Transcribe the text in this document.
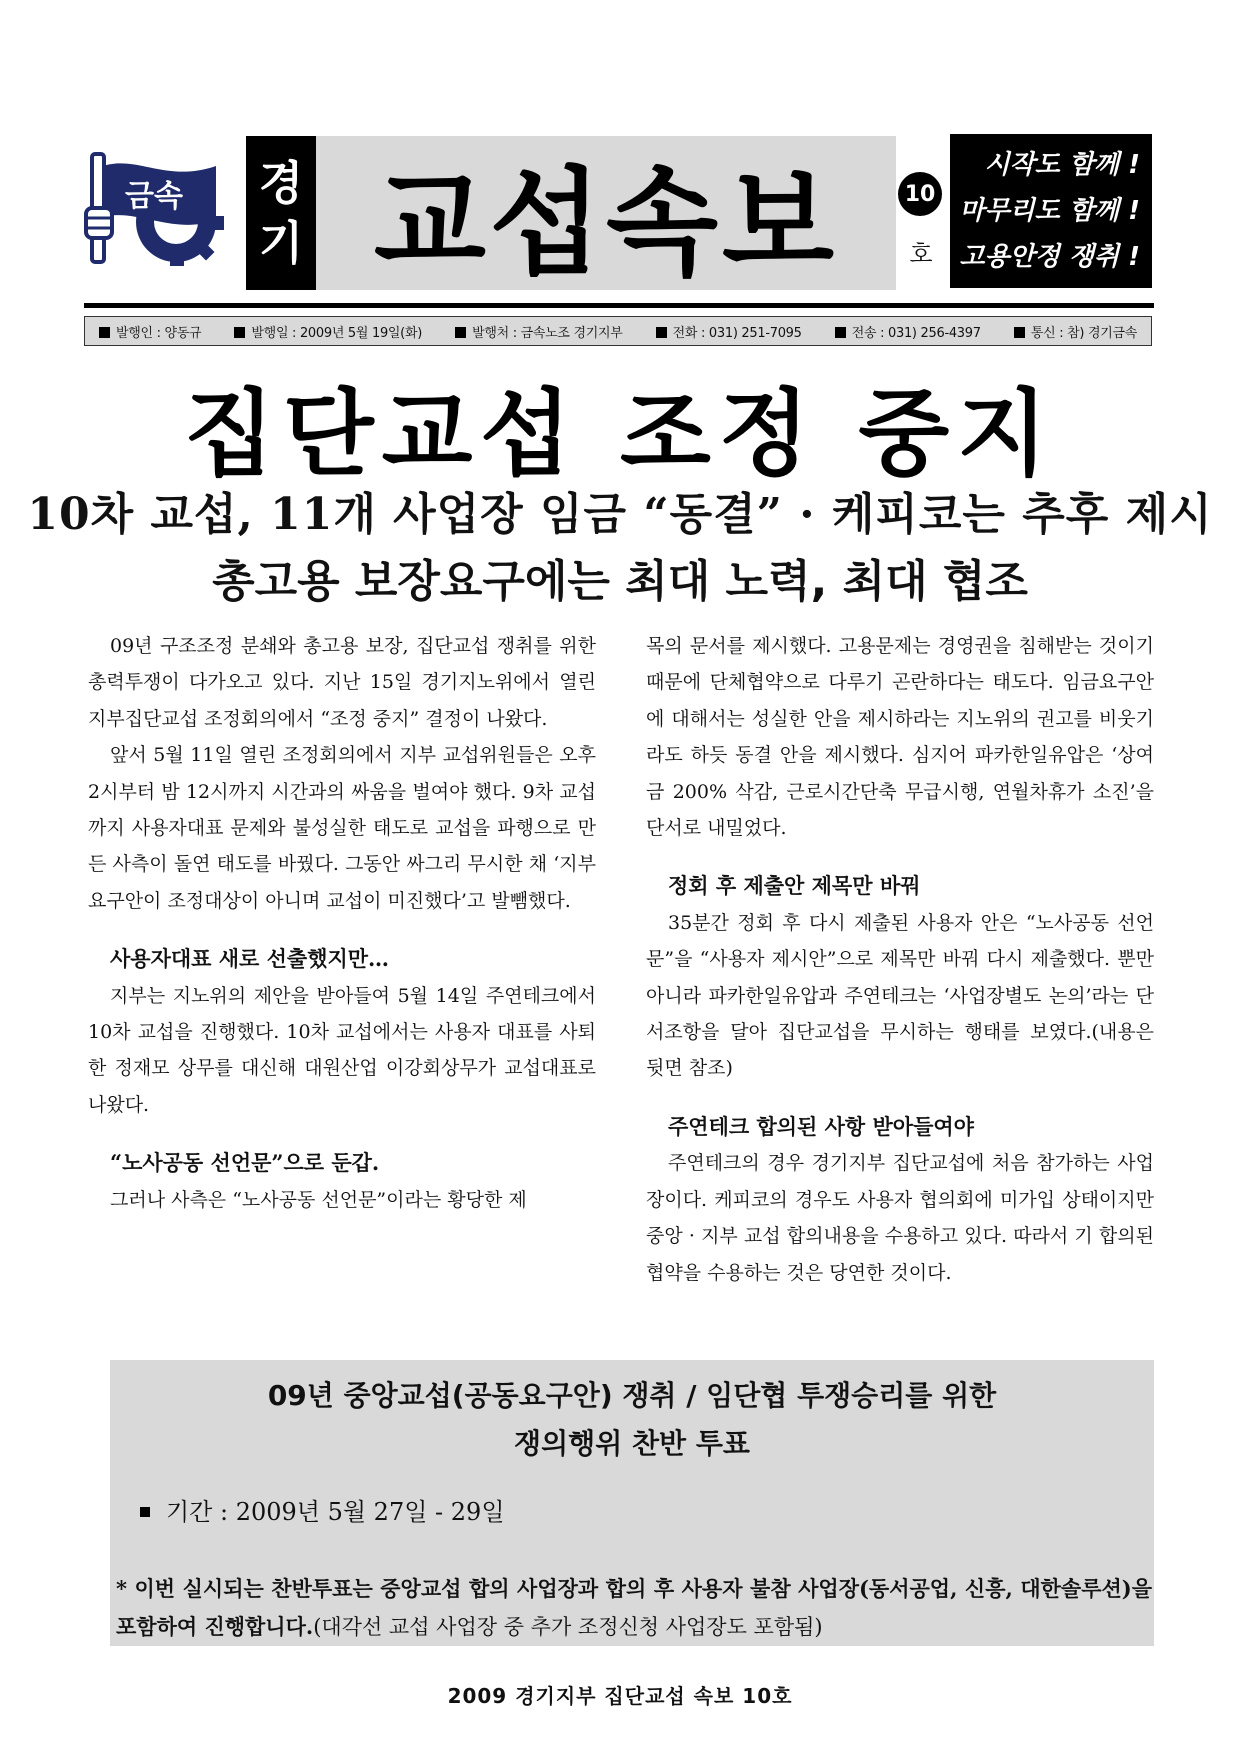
금속 경
기 교섭속보	10
호
시작도 함께 !
마무리도 함께 !
고용안정 쟁취 !
발행인 : 양동규	발행일 : 2009년 5월 19일(화)	발행처 : 금속노조 경기지부	전화 : 031) 251-7095	전송 : 031) 256-4397	통신 : 참) 경기금속
집단교섭 조정 중지
10차 교섭, 11개 사업장 임금 “동결” · 케피코는 추후 제시
총고용 보장요구에는 최대 노력, 최대 협조

09년 구조조정 분쇄와 총고용 보장, 집단교섭 쟁취를 위한 총력투쟁이 다가오고 있다. 지난 15일 경기지노위에서 열린 지부집단교섭 조정회의에서 “조정 중지” 결정이 나왔다.

앞서 5월 11일 열린 조정회의에서 지부 교섭위원들은 오후 2시부터 밤 12시까지 시간과의 싸움을 벌여야 했다. 9차 교섭까지 사용자대표 문제와 불성실한 태도로 교섭을 파행으로 만든 사측이 돌연 태도를 바꿨다. 그동안 싸그리 무시한 채 ‘지부 요구안이 조정대상이 아니며 교섭이 미진했다’고 발뺌했다.

사용자대표 새로 선출했지만…

지부는 지노위의 제안을 받아들여 5월 14일 주연테크에서 10차 교섭을 진행했다. 10차 교섭에서는 사용자 대표를 사퇴한 정재모 상무를 대신해 대원산업 이강회상무가 교섭대표로 나왔다.

“노사공동 선언문”으로 둔갑.

그러나 사측은 “노사공동 선언문”이라는 황당한 제

목의 문서를 제시했다. 고용문제는 경영권을 침해받는 것이기 때문에 단체협약으로 다루기 곤란하다는 태도다. 임금요구안에 대해서는 성실한 안을 제시하라는 지노위의 권고를 비웃기라도 하듯 동결 안을 제시했다. 심지어 파카한일유압은 ‘상여금 200% 삭감, 근로시간단축 무급시행, 연월차휴가 소진’을 단서로 내밀었다.

정회 후 제출안 제목만 바꿔

35분간 정회 후 다시 제출된 사용자 안은 “노사공동 선언문”을 “사용자 제시안”으로 제목만 바꿔 다시 제출했다. 뿐만 아니라 파카한일유압과 주연테크는 ‘사업장별도 논의’라는 단서조항을 달아 집단교섭을 무시하는 행태를 보였다.(내용은 뒷면 참조)

주연테크 합의된 사항 받아들여야

주연테크의 경우 경기지부 집단교섭에 처음 참가하는 사업장이다. 케피코의 경우도 사용자 협의회에 미가입 상태이지만 중앙 · 지부 교섭 합의내용을 수용하고 있다. 따라서 기 합의된 협약을 수용하는 것은 당연한 것이다.

09년 중앙교섭(공동요구안) 쟁취 / 임단협 투쟁승리를 위한
쟁의행위 찬반 투표
기간 : 2009년 5월 27일 - 29일
* 이번 실시되는 찬반투표는 중앙교섭 합의 사업장과 합의 후 사용자 불참 사업장(동서공업, 신흥, 대한솔루션)을 포함하여 진행합니다.(대각선 교섭 사업장 중 추가 조정신청 사업장도 포함됨)
2009 경기지부 집단교섭 속보 10호
